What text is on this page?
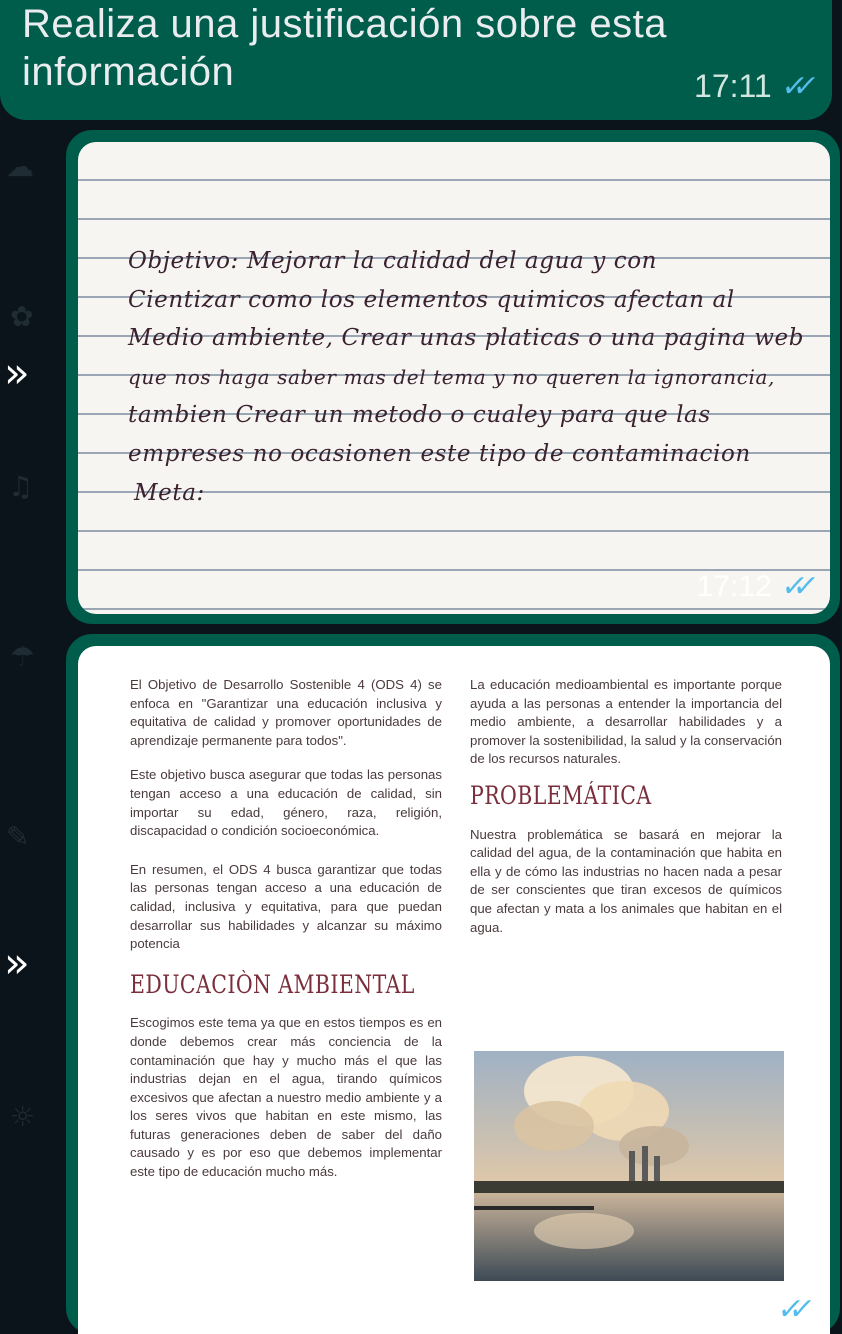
☁
✿
♫
☂
✎
☼
Realiza una justificación sobre esta información	17:11 ✓✓
»
»
Objetivo: Mejorar la calidad del agua y con
Cientizar como los elementos quimicos afectan al
Medio ambiente, Crear unas platicas o una pagina web
que nos haga saber mas del tema y no queren la ignorancia,
tambien Crear un metodo o cualey para que las
empreses no ocasionen este tipo de contaminacion
Meta:
17:12 ✓✓

El Objetivo de Desarrollo Sostenible 4 (ODS 4) se enfoca en "Garantizar una educación inclusiva y equitativa de calidad y promover oportunidades de aprendizaje permanente para todos".

Este objetivo busca asegurar que todas las personas tengan acceso a una educación de calidad, sin importar su edad, género, raza, religión, discapacidad o condición socioeconómica.

En resumen, el ODS 4 busca garantizar que todas las personas tengan acceso a una educación de calidad, inclusiva y equitativa, para que puedan desarrollar sus habilidades y alcanzar su máximo potencia

EDUCACIÒN AMBIENTAL

Escogimos este tema ya que en estos tiempos es en donde debemos crear más conciencia de la contaminación que hay y mucho más el que las industrias dejan en el agua, tirando químicos excesivos que afectan a nuestro medio ambiente y a los seres vivos que habitan en este mismo, las futuras generaciones deben de saber del daño causado y es por eso que debemos implementar este tipo de educación mucho más.

La educación medioambiental es importante porque ayuda a las personas a entender la importancia del medio ambiente, a desarrollar habilidades y a promover la sostenibilidad, la salud y la conservación de los recursos naturales.

PROBLEMÁTICA

Nuestra problemática se basará en mejorar la calidad del agua, de la contaminación que habita en ella y de cómo las industrias no hacen nada a pesar de ser conscientes que tiran excesos de químicos que afectan y mata a los animales que habitan en el agua.

17:12 ✓✓
